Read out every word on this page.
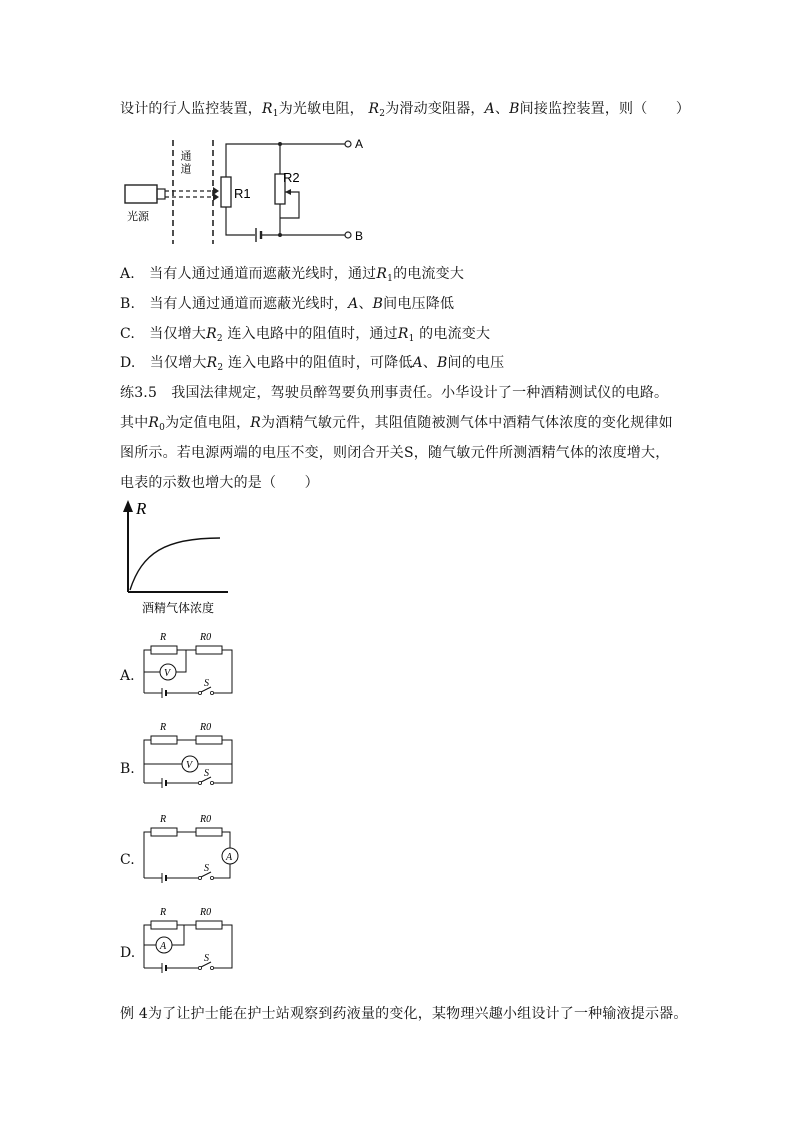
设计的行人监控装置，$R_1$为光敏电阻， $R_2$为滑动变阻器，A、B间接监控装置，则（　　）
通道
光源
R1
A
B
R2
A.　当有人通过通道而遮蔽光线时，通过$R_1$的电流变大
B.　当有人通过通道而遮蔽光线时，A、B间电压降低
C.　当仅增大$R_2$ 连入电路中的阻值时，通过$R_1$ 的电流变大
D.　当仅增大$R_2$ 连入电路中的阻值时，可降低A、B间的电压
练3.5　我国法律规定，驾驶员醉驾要负刑事责任。小华设计了一种酒精测试仪的电路。
其中$R_0$为定值电阻，R为酒精气敏元件，其阻值随被测气体中酒精气体浓度的变化规律如
图所示。若电源两端的电压不变，则闭合开关S，随气敏元件所测酒精气体的浓度增大，
电表的示数也增大的是（　　）
R
酒精气体浓度
A.
R	R0
V
S
B.
R	R0
V
S
C.
R	R0
A
S
D.
R	R0
A
S
例 4为了让护士能在护士站观察到药液量的变化，某物理兴趣小组设计了一种输液提示器。
